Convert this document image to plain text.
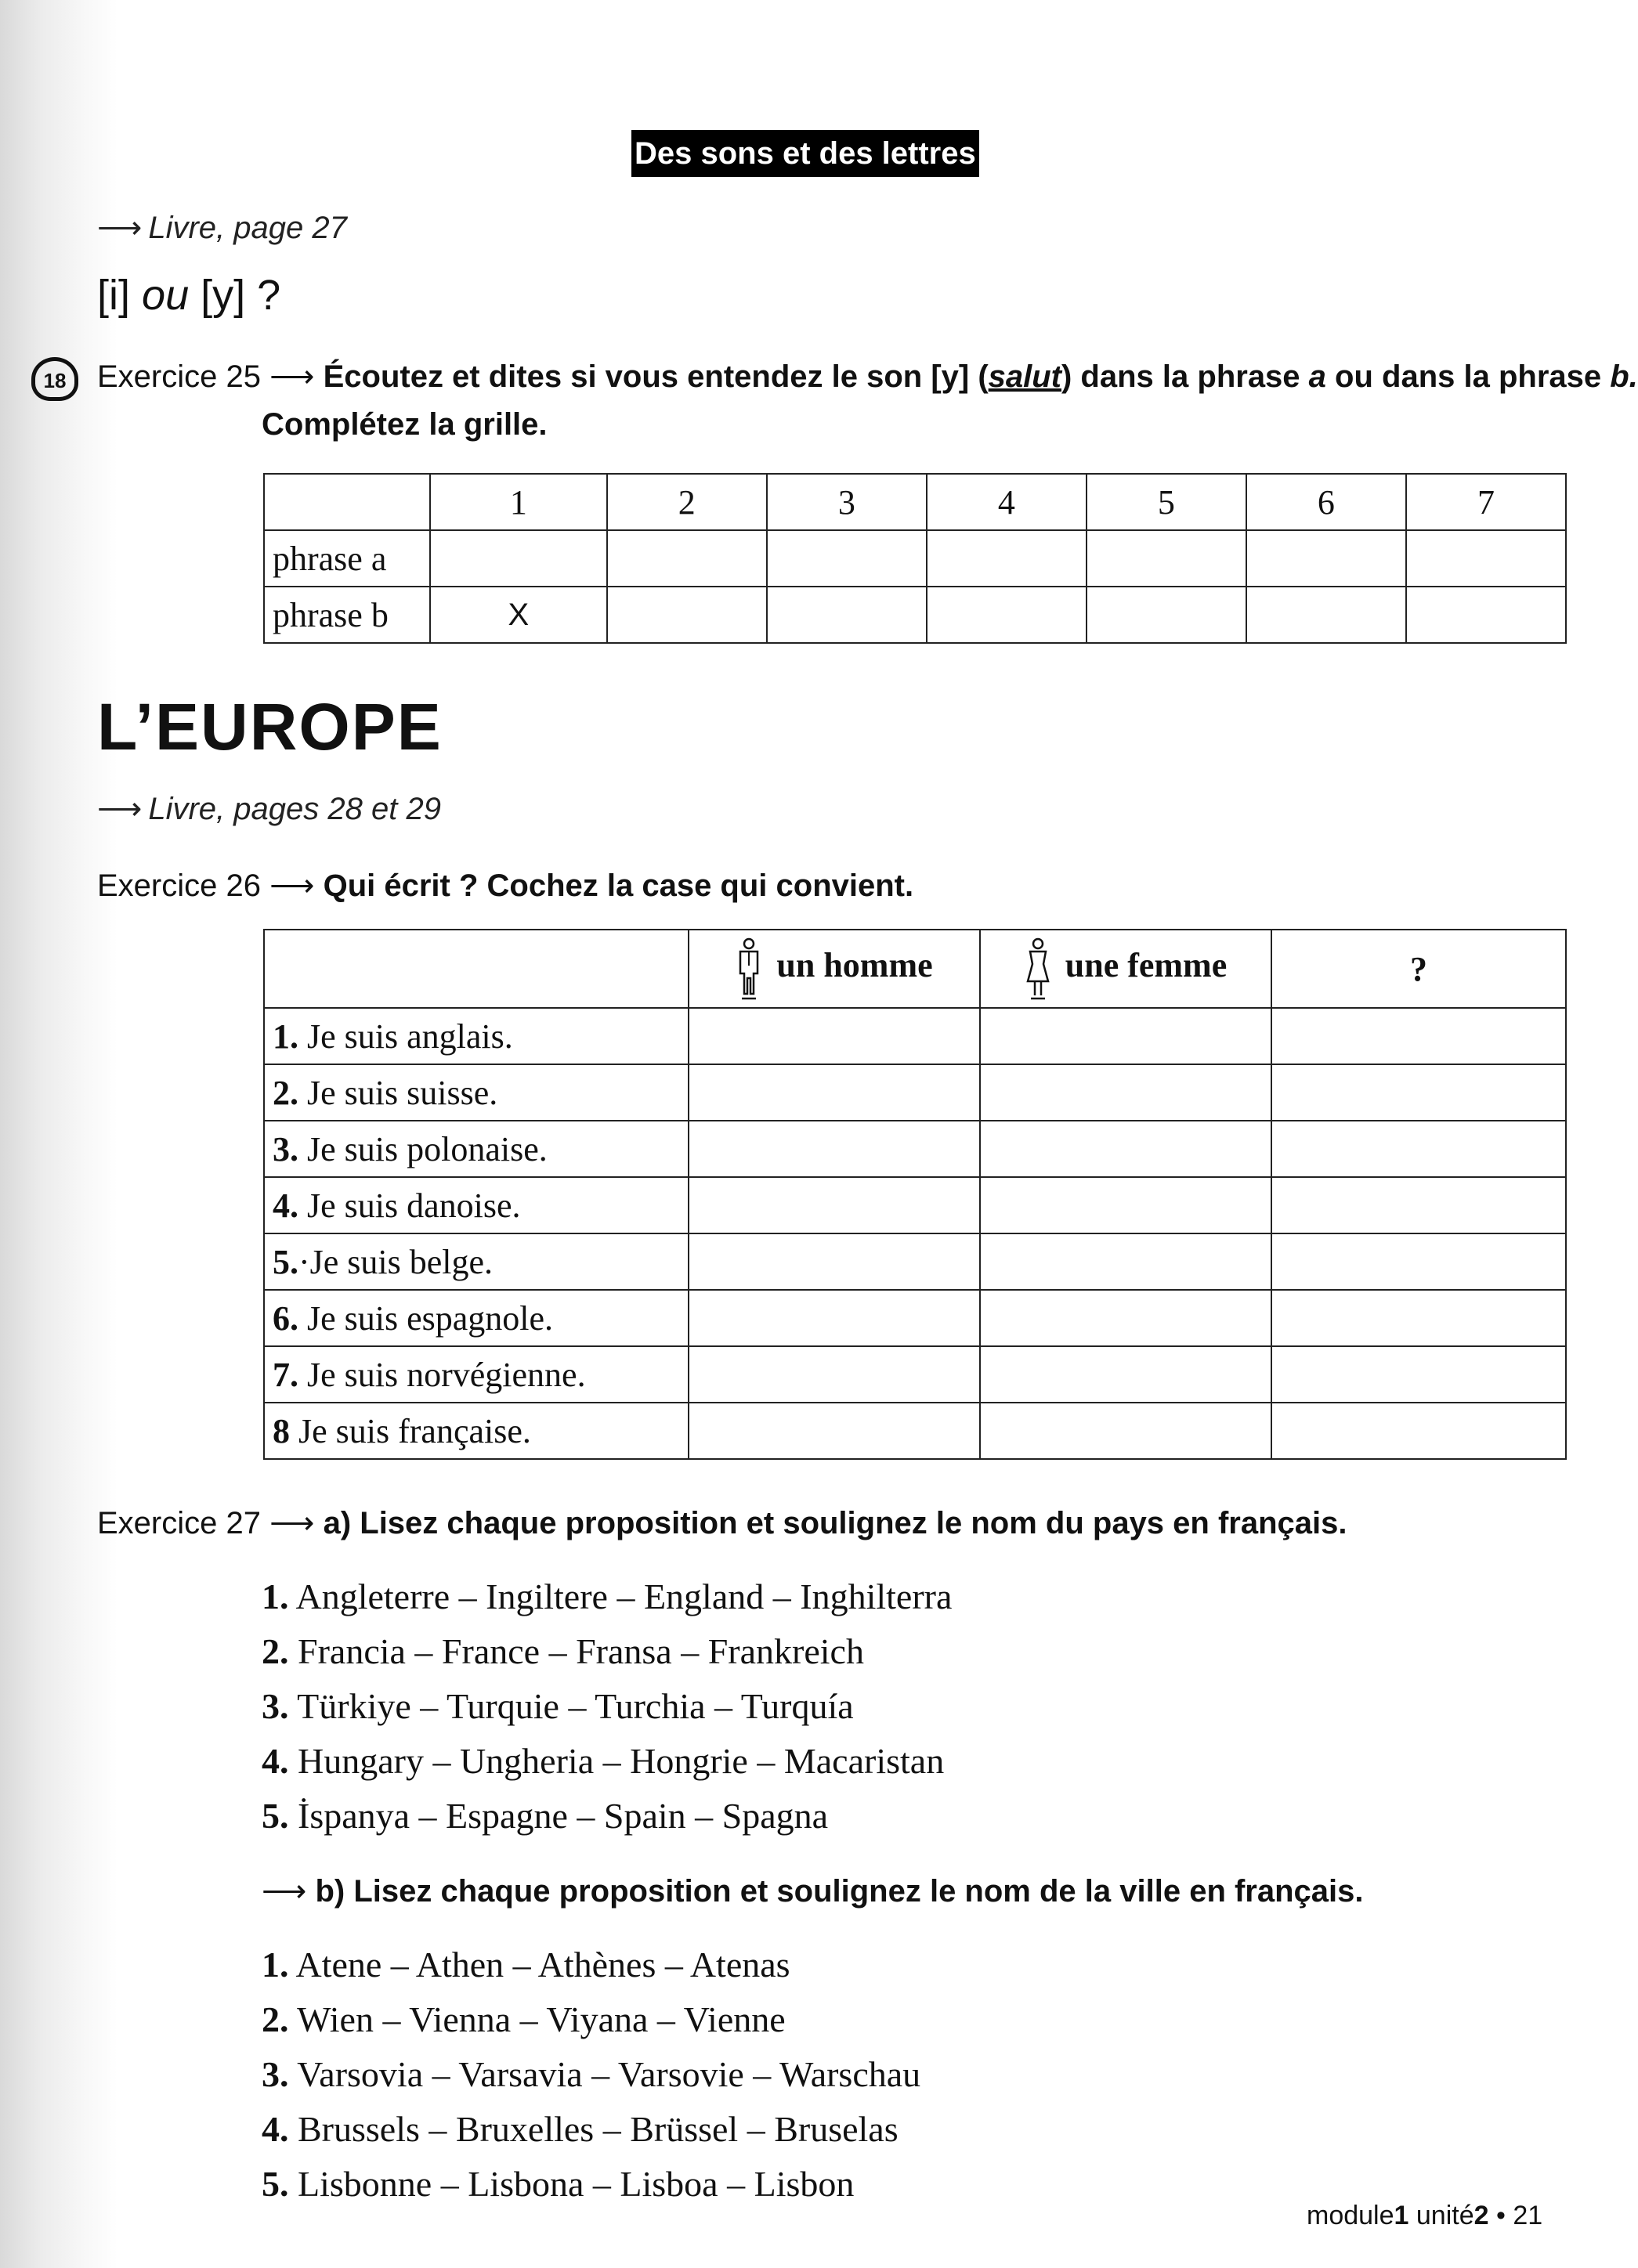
Des sons et des lettres
⟶ Livre, page 27
[i] ou [y] ?
18 Exercice 25 ⟶ Écoutez et dites si vous entendez le son [y] (salut) dans la phrase a ou dans la phrase b.
Complétez la grille.
	1	2	3	4	5	6	7
phrase a							
phrase b	X						
L’EUROPE
⟶ Livre, pages 28 et 29
Exercice 26 ⟶ Qui écrit ? Cochez la case qui convient.
	un homme	une femme	?
1. Je suis anglais.			
2. Je suis suisse.			
3. Je suis polonaise.			
4. Je suis danoise.			
5.·Je suis belge.			
6. Je suis espagnole.			
7. Je suis norvégienne.			
8 Je suis française.			
Exercice 27 ⟶ a) Lisez chaque proposition et soulignez le nom du pays en français.
1. Angleterre – Ingiltere – England – Inghilterra
2. Francia – France – Fransa – Frankreich
3. Türkiye – Turquie – Turchia – Turquía
4. Hungary – Ungheria – Hongrie – Macaristan
5. İspanya – Espagne – Spain – Spagna
⟶ b) Lisez chaque proposition et soulignez le nom de la ville en français.
1. Atene – Athen – Athènes – Atenas
2. Wien – Vienna – Viyana – Vienne
3. Varsovia – Varsavia – Varsovie – Warschau
4. Brussels – Bruxelles – Brüssel – Bruselas
5. Lisbonne – Lisbona – Lisboa – Lisbon
module1 unité2 • 21
